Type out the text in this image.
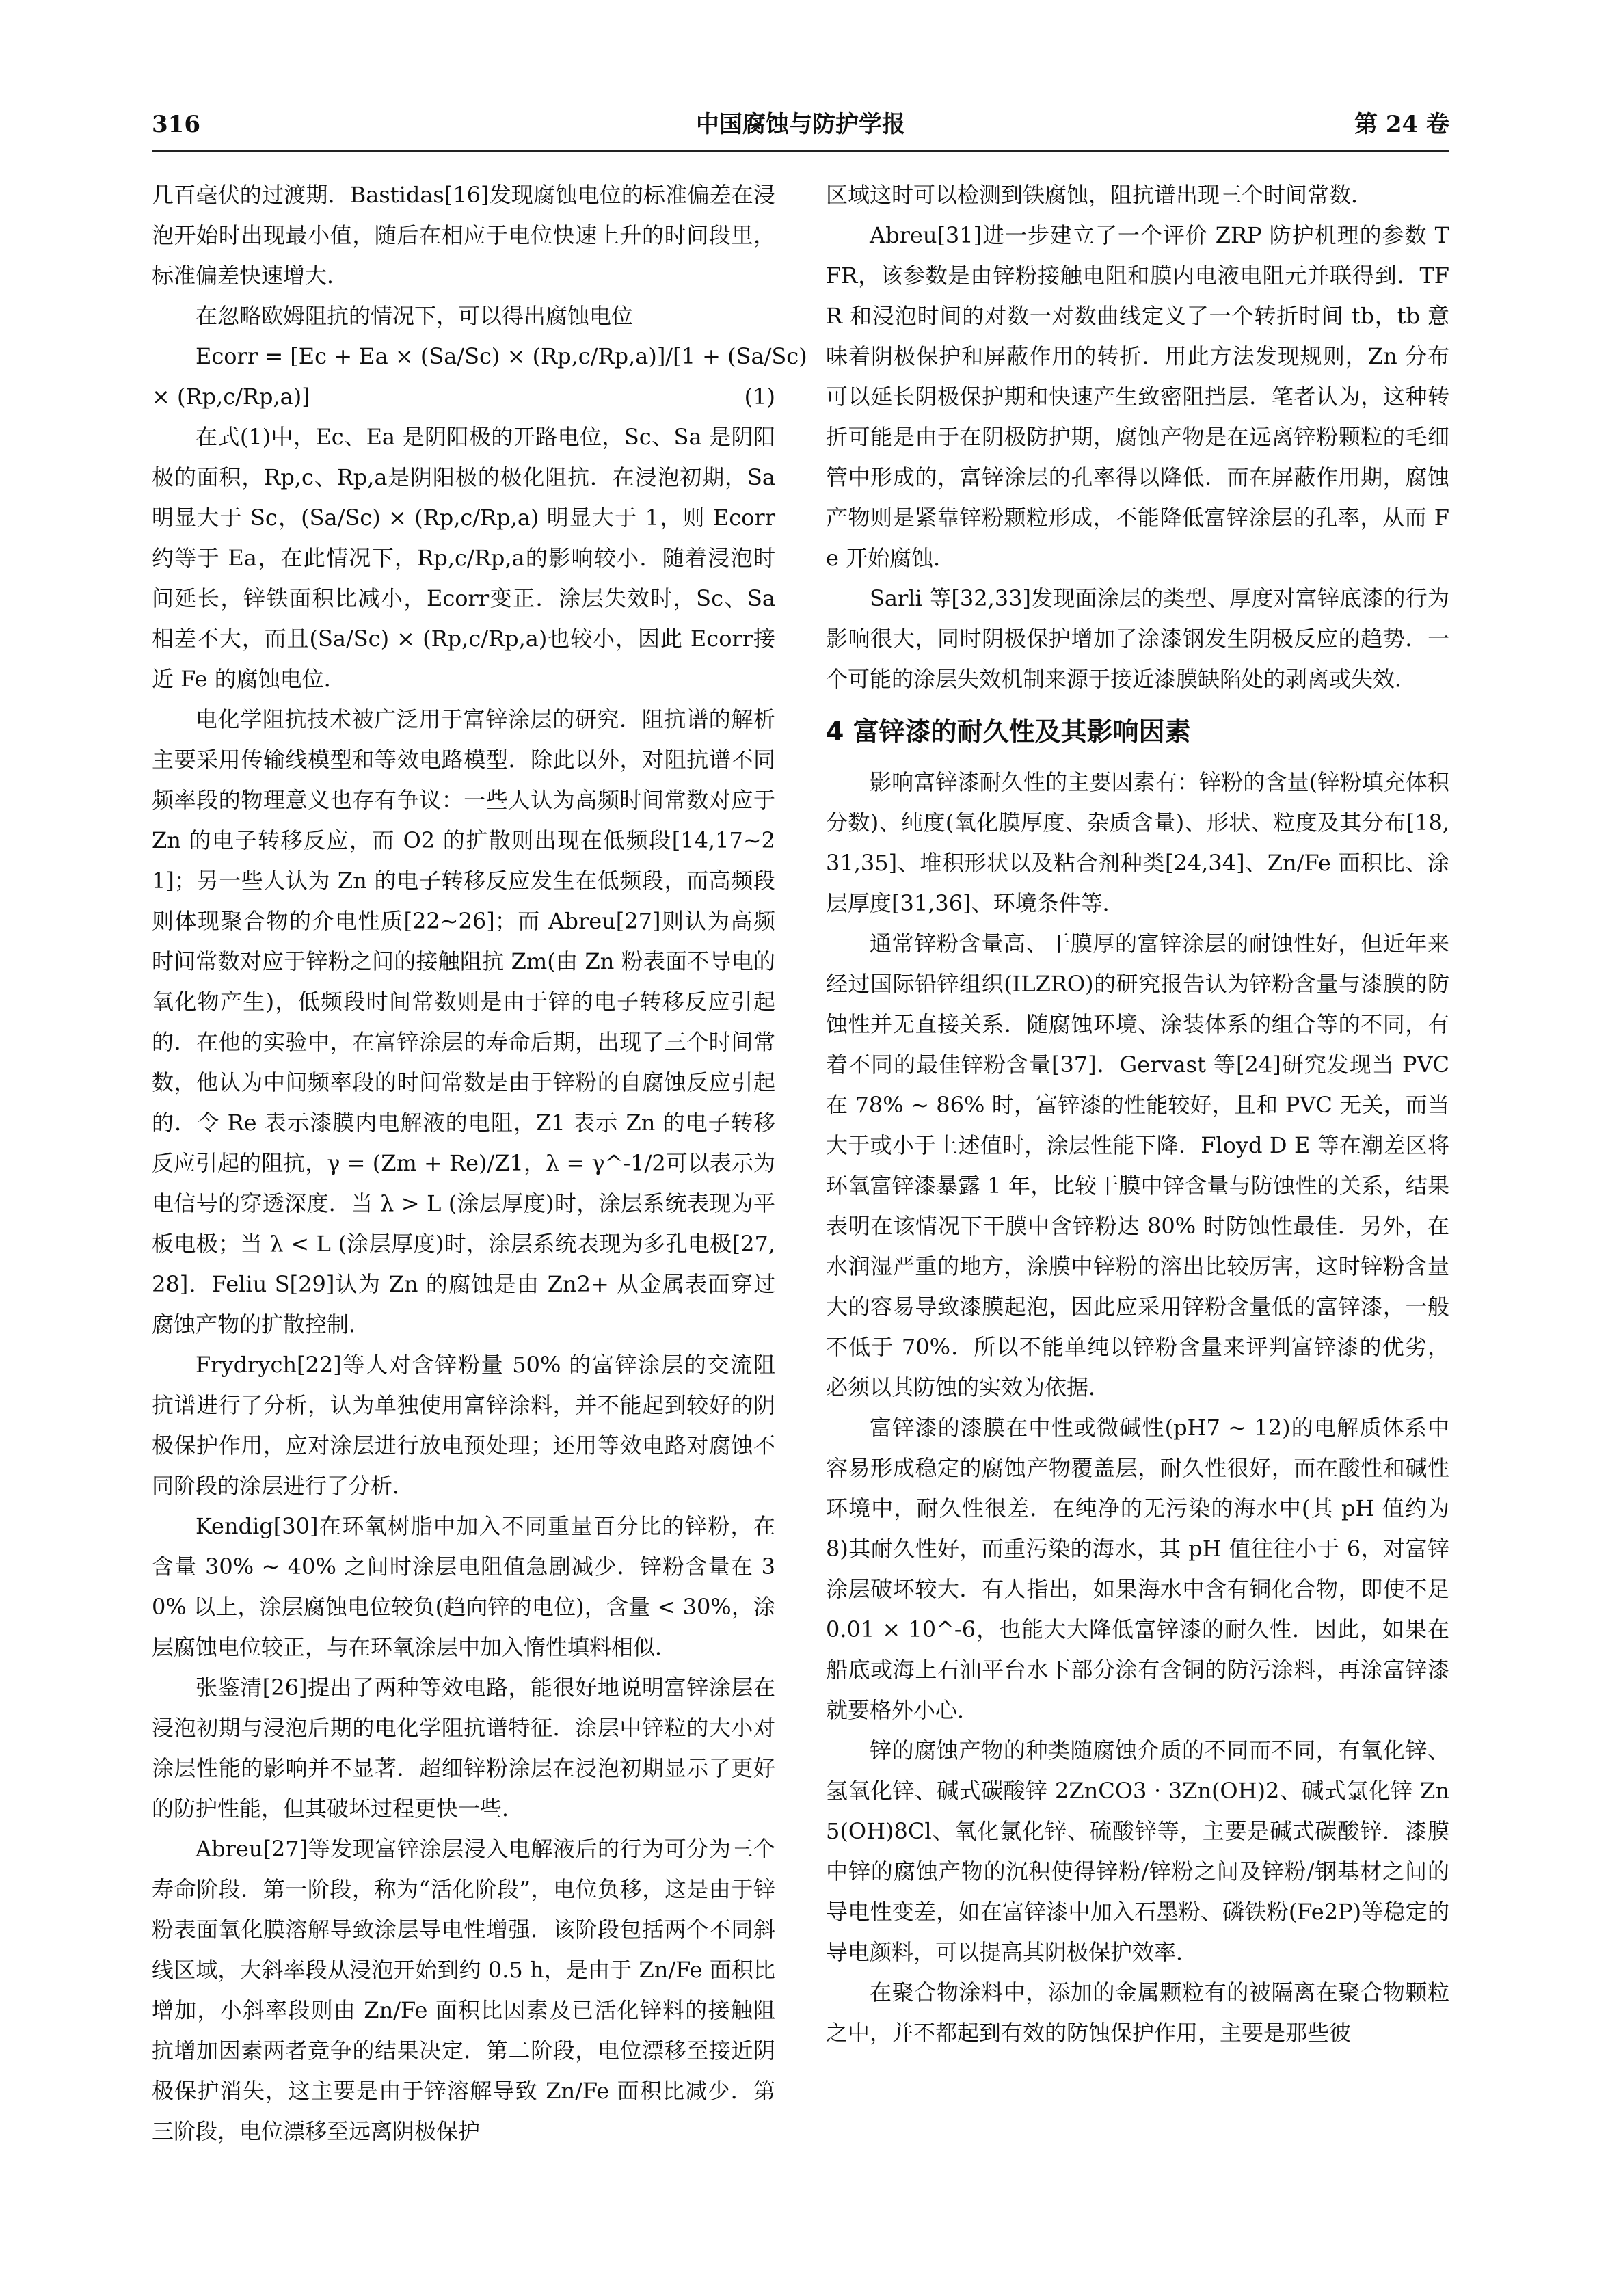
316	中国腐蚀与防护学报	第 24 卷

几百毫伏的过渡期．Bastidas[16]发现腐蚀电位的标准偏差在浸泡开始时出现最小值，随后在相应于电位快速上升的时间段里，标准偏差快速增大．

在忽略欧姆阻抗的情况下，可以得出腐蚀电位

Ecorr = [Ec + Ea × (Sa/Sc) × (Rp,c/Rp,a)]/[1 + (Sa/Sc)

× (Rp,c/Rp,a)]	(1)

在式(1)中，Ec、Ea 是阴阳极的开路电位，Sc、Sa 是阴阳极的面积，Rp,c、Rp,a是阴阳极的极化阻抗．在浸泡初期，Sa 明显大于 Sc，(Sa/Sc) × (Rp,c/Rp,a) 明显大于 1，则 Ecorr约等于 Ea，在此情况下，Rp,c/Rp,a的影响较小．随着浸泡时间延长，锌铁面积比减小，Ecorr变正．涂层失效时，Sc、Sa 相差不大，而且(Sa/Sc) × (Rp,c/Rp,a)也较小，因此 Ecorr接近 Fe 的腐蚀电位．

电化学阻抗技术被广泛用于富锌涂层的研究．阻抗谱的解析主要采用传输线模型和等效电路模型．除此以外，对阻抗谱不同频率段的物理意义也存有争议：一些人认为高频时间常数对应于 Zn 的电子转移反应，而 O2 的扩散则出现在低频段[14,17~21]；另一些人认为 Zn 的电子转移反应发生在低频段，而高频段则体现聚合物的介电性质[22~26]；而 Abreu[27]则认为高频时间常数对应于锌粉之间的接触阻抗 Zm(由 Zn 粉表面不导电的氧化物产生)，低频段时间常数则是由于锌的电子转移反应引起的．在他的实验中，在富锌涂层的寿命后期，出现了三个时间常数，他认为中间频率段的时间常数是由于锌粉的自腐蚀反应引起的．令 Re 表示漆膜内电解液的电阻，Z1 表示 Zn 的电子转移反应引起的阻抗，γ = (Zm + Re)/Z1，λ = γ^-1/2可以表示为电信号的穿透深度．当 λ > L (涂层厚度)时，涂层系统表现为平板电极；当 λ < L (涂层厚度)时，涂层系统表现为多孔电极[27,28]．Feliu S[29]认为 Zn 的腐蚀是由 Zn2+ 从金属表面穿过腐蚀产物的扩散控制．

Frydrych[22]等人对含锌粉量 50% 的富锌涂层的交流阻抗谱进行了分析，认为单独使用富锌涂料，并不能起到较好的阴极保护作用，应对涂层进行放电预处理；还用等效电路对腐蚀不同阶段的涂层进行了分析．

Kendig[30]在环氧树脂中加入不同重量百分比的锌粉，在含量 30% ~ 40% 之间时涂层电阻值急剧减少．锌粉含量在 30% 以上，涂层腐蚀电位较负(趋向锌的电位)，含量 < 30%，涂层腐蚀电位较正，与在环氧涂层中加入惰性填料相似．

张鉴清[26]提出了两种等效电路，能很好地说明富锌涂层在浸泡初期与浸泡后期的电化学阻抗谱特征．涂层中锌粒的大小对涂层性能的影响并不显著．超细锌粉涂层在浸泡初期显示了更好的防护性能，但其破坏过程更快一些．

Abreu[27]等发现富锌涂层浸入电解液后的行为可分为三个寿命阶段．第一阶段，称为“活化阶段”，电位负移，这是由于锌粉表面氧化膜溶解导致涂层导电性增强．该阶段包括两个不同斜线区域，大斜率段从浸泡开始到约 0.5 h，是由于 Zn/Fe 面积比增加，小斜率段则由 Zn/Fe 面积比因素及已活化锌料的接触阻抗增加因素两者竞争的结果决定．第二阶段，电位漂移至接近阴极保护消失，这主要是由于锌溶解导致 Zn/Fe 面积比减少．第三阶段，电位漂移至远离阴极保护

区域这时可以检测到铁腐蚀，阻抗谱出现三个时间常数．

Abreu[31]进一步建立了一个评价 ZRP 防护机理的参数 TFR，该参数是由锌粉接触电阻和膜内电液电阻元并联得到．TFR 和浸泡时间的对数一对数曲线定义了一个转折时间 tb，tb 意味着阴极保护和屏蔽作用的转折．用此方法发现规则，Zn 分布可以延长阴极保护期和快速产生致密阻挡层．笔者认为，这种转折可能是由于在阴极防护期，腐蚀产物是在远离锌粉颗粒的毛细管中形成的，富锌涂层的孔率得以降低．而在屏蔽作用期，腐蚀产物则是紧靠锌粉颗粒形成，不能降低富锌涂层的孔率，从而 Fe 开始腐蚀．

Sarli 等[32,33]发现面涂层的类型、厚度对富锌底漆的行为影响很大，同时阴极保护增加了涂漆钢发生阴极反应的趋势．一个可能的涂层失效机制来源于接近漆膜缺陷处的剥离或失效．

4 富锌漆的耐久性及其影响因素

影响富锌漆耐久性的主要因素有：锌粉的含量(锌粉填充体积分数)、纯度(氧化膜厚度、杂质含量)、形状、粒度及其分布[18,31,35]、堆积形状以及粘合剂种类[24,34]、Zn/Fe 面积比、涂层厚度[31,36]、环境条件等．

通常锌粉含量高、干膜厚的富锌涂层的耐蚀性好，但近年来经过国际铅锌组织(ILZRO)的研究报告认为锌粉含量与漆膜的防蚀性并无直接关系．随腐蚀环境、涂装体系的组合等的不同，有着不同的最佳锌粉含量[37]．Gervast 等[24]研究发现当 PVC 在 78% ~ 86% 时，富锌漆的性能较好，且和 PVC 无关，而当大于或小于上述值时，涂层性能下降．Floyd D E 等在潮差区将环氧富锌漆暴露 1 年，比较干膜中锌含量与防蚀性的关系，结果表明在该情况下干膜中含锌粉达 80% 时防蚀性最佳．另外，在水润湿严重的地方，涂膜中锌粉的溶出比较厉害，这时锌粉含量大的容易导致漆膜起泡，因此应采用锌粉含量低的富锌漆，一般不低于 70%．所以不能单纯以锌粉含量来评判富锌漆的优劣，必须以其防蚀的实效为依据．

富锌漆的漆膜在中性或微碱性(pH7 ~ 12)的电解质体系中容易形成稳定的腐蚀产物覆盖层，耐久性很好，而在酸性和碱性环境中，耐久性很差．在纯净的无污染的海水中(其 pH 值约为 8)其耐久性好，而重污染的海水，其 pH 值往往小于 6，对富锌涂层破坏较大．有人指出，如果海水中含有铜化合物，即使不足 0.01 × 10^-6，也能大大降低富锌漆的耐久性．因此，如果在船底或海上石油平台水下部分涂有含铜的防污涂料，再涂富锌漆就要格外小心．

锌的腐蚀产物的种类随腐蚀介质的不同而不同，有氧化锌、氢氧化锌、碱式碳酸锌 2ZnCO3 · 3Zn(OH)2、碱式氯化锌 Zn5(OH)8Cl、氧化氯化锌、硫酸锌等，主要是碱式碳酸锌．漆膜中锌的腐蚀产物的沉积使得锌粉/锌粉之间及锌粉/钢基材之间的导电性变差，如在富锌漆中加入石墨粉、磷铁粉(Fe2P)等稳定的导电颜料，可以提高其阴极保护效率．

在聚合物涂料中，添加的金属颗粒有的被隔离在聚合物颗粒之中，并不都起到有效的防蚀保护作用，主要是那些彼
